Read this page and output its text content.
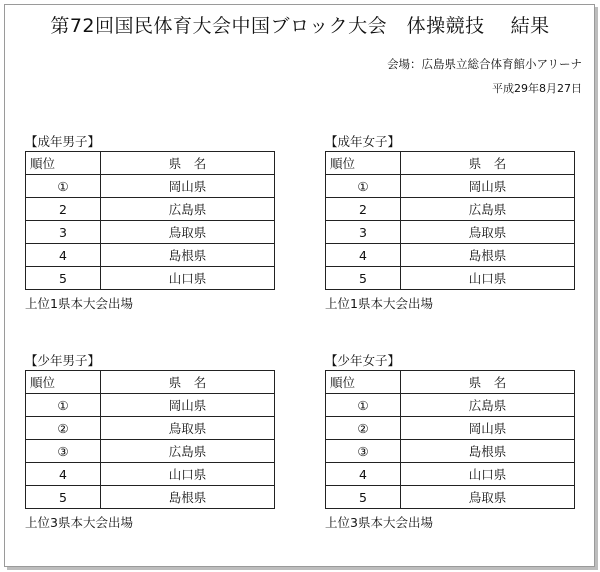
第72回国民体育大会中国ブロック大会　体操競技　 結果
会場：広島県立総合体育館小アリーナ
平成29年8月27日
【成年男子】
順位	県　名
①	岡山県
2	広島県
3	鳥取県
4	島根県
5	山口県
上位1県本大会出場
【成年女子】
順位	県　名
①	岡山県
2	広島県
3	鳥取県
4	島根県
5	山口県
上位1県本大会出場
【少年男子】
順位	県　名
①	岡山県
②	鳥取県
③	広島県
4	山口県
5	島根県
上位3県本大会出場
【少年女子】
順位	県　名
①	広島県
②	岡山県
③	島根県
4	山口県
5	鳥取県
上位3県本大会出場
